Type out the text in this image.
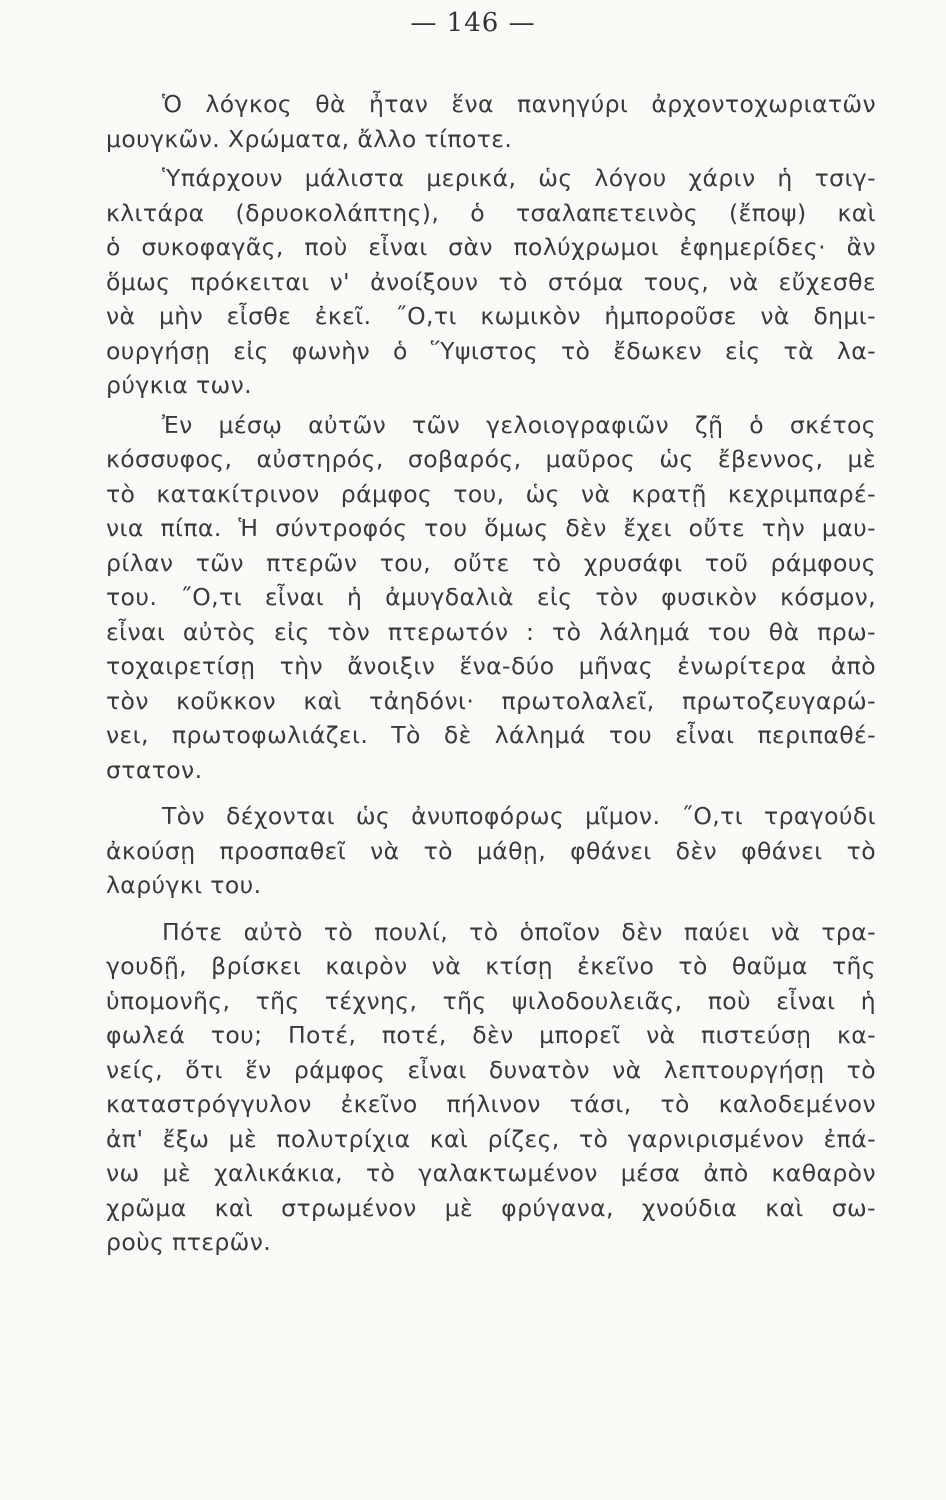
— 146 —
Ὁ λόγκος θὰ ἦταν ἕνα πανηγύρι ἀρχοντοχωριατῶν
μουγκῶν. Χρώματα, ἄλλο τίποτε.
Ὑπάρχουν μάλιστα μερικά, ὡς λόγου χάριν ἡ τσιγ-
κλιτάρα (δρυοκολάπτης), ὁ τσαλαπετεινὸς (ἔποψ) καὶ
ὁ συκοφαγᾶς, ποὺ εἶναι σὰν πολύχρωμοι ἐφημερίδες· ἂν
ὅμως πρόκειται ν' ἀνοίξουν τὸ στόμα τους, νὰ εὔχεσθε
νὰ μὴν εἶσθε ἐκεῖ. ˝Ο,τι κωμικὸν ἠμποροῦσε νὰ δημι-
ουργήσῃ εἰς φωνὴν ὁ Ὕψιστος τὸ ἔδωκεν εἰς τὰ λα-
ρύγκια των.
Ἐν μέσῳ αὐτῶν τῶν γελοιογραφιῶν ζῇ ὁ σκέτος
κόσσυφος, αὐστηρός, σοβαρός, μαῦρος ὡς ἔβεννος, μὲ
τὸ κατακίτρινον ράμφος του, ὡς νὰ κρατῇ κεχριμπαρέ-
νια πίπα. Ἡ σύντροφός του ὅμως δὲν ἔχει οὔτε τὴν μαυ-
ρίλαν τῶν πτερῶν του, οὔτε τὸ χρυσάφι τοῦ ράμφους
του. ˝Ο,τι εἶναι ἡ ἀμυγδαλιὰ εἰς τὸν φυσικὸν κόσμον,
εἶναι αὐτὸς εἰς τὸν πτερωτόν : τὸ λάλημά του θὰ πρω-
τοχαιρετίσῃ τὴν ἄνοιξιν ἕνα-δύο μῆνας ἐνωρίτερα ἀπὸ
τὸν κοῦκκον καὶ τἀηδόνι· πρωτολαλεῖ, πρωτοζευγαρώ-
νει, πρωτοφωλιάζει. Τὸ δὲ λάλημά του εἶναι περιπαθέ-
στατον.
Τὸν δέχονται ὡς ἀνυποφόρως μῖμον. ˝Ο,τι τραγούδι
ἀκούσῃ προσπαθεῖ νὰ τὸ μάθῃ, φθάνει δὲν φθάνει τὸ
λαρύγκι του.
Πότε αὐτὸ τὸ πουλί, τὸ ὁποῖον δὲν παύει νὰ τρα-
γουδῇ, βρίσκει καιρὸν νὰ κτίσῃ ἐκεῖνο τὸ θαῦμα τῆς
ὑπομονῆς, τῆς τέχνης, τῆς ψιλοδουλειᾶς, ποὺ εἶναι ἡ
φωλεά του; Ποτέ, ποτέ, δὲν μπορεῖ νὰ πιστεύσῃ κα-
νείς, ὅτι ἕν ράμφος εἶναι δυνατὸν νὰ λεπτουργήσῃ τὸ
καταστρόγγυλον ἐκεῖνο πήλινον τάσι, τὸ καλοδεμένον
ἀπ' ἔξω μὲ πολυτρίχια καὶ ρίζες, τὸ γαρνιρισμένον ἐπά-
νω μὲ χαλικάκια, τὸ γαλακτωμένον μέσα ἀπὸ καθαρὸν
χρῶμα καὶ στρωμένον μὲ φρύγανα, χνούδια καὶ σω-
ροὺς πτερῶν.
